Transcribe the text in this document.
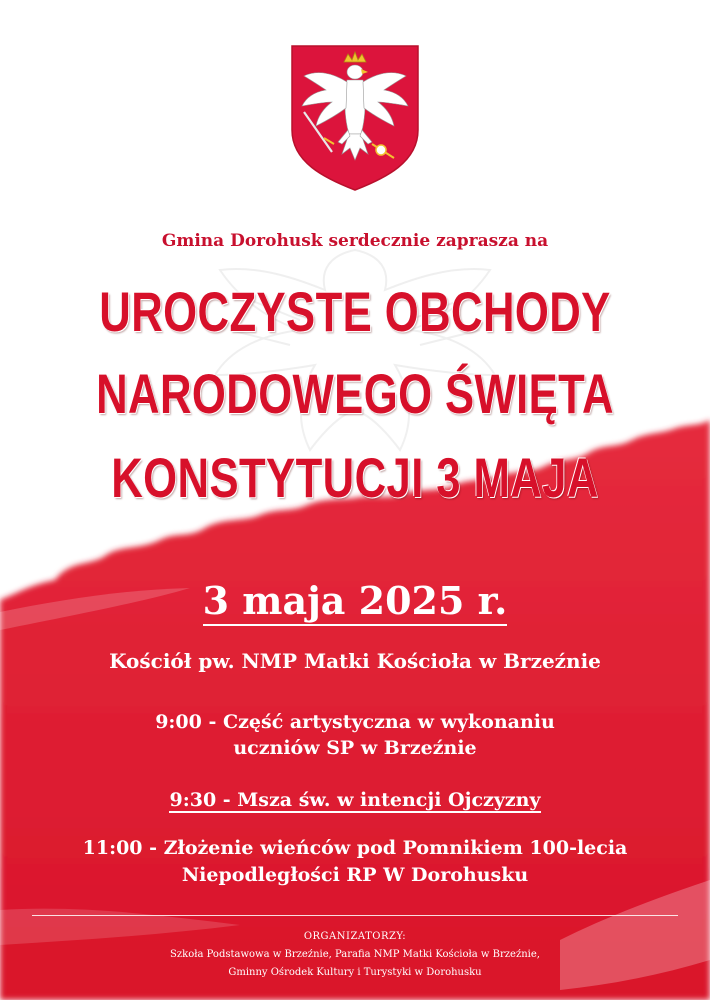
Gmina Dorohusk serdecznie zaprasza na
UROCZYSTE OBCHODY
NARODOWEGO ŚWIĘTA
KONSTYTUCJI 3 MAJA
3 maja 2025 r.
Kościół pw. NMP Matki Kościoła w Brzeźnie
9:00 - Część artystyczna w wykonaniu
uczniów SP w Brzeźnie
9:30 - Msza św. w intencji Ojczyzny
11:00 - Złożenie wieńców pod Pomnikiem 100-lecia
Niepodległości RP W Dorohusku
ORGANIZATORZY:
Szkoła Podstawowa w Brzeźnie, Parafia NMP Matki Kościoła w Brzeźnie,
Gminny Ośrodek Kultury i Turystyki w Dorohusku
